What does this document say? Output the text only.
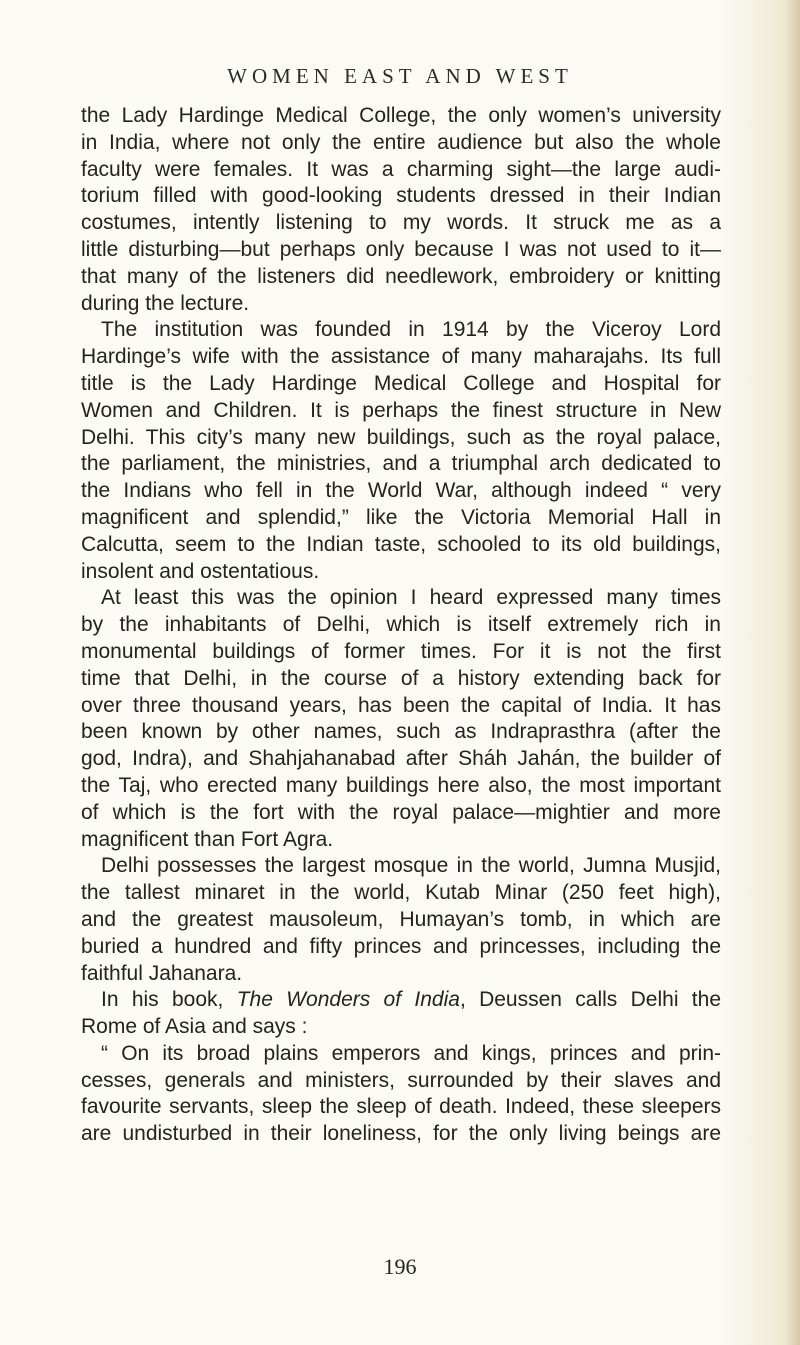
WOMEN EAST AND WEST
the Lady Hardinge Medical College, the only women’s university
in India, where not only the entire audience but also the whole
faculty were females. It was a charming sight—the large audi-
torium filled with good-looking students dressed in their Indian
costumes, intently listening to my words. It struck me as a
little disturbing—but perhaps only because I was not used to it—
that many of the listeners did needlework, embroidery or knitting
during the lecture.
The institution was founded in 1914 by the Viceroy Lord
Hardinge’s wife with the assistance of many maharajahs. Its full
title is the Lady Hardinge Medical College and Hospital for
Women and Children. It is perhaps the finest structure in New
Delhi. This city’s many new buildings, such as the royal palace,
the parliament, the ministries, and a triumphal arch dedicated to
the Indians who fell in the World War, although indeed “ very
magnificent and splendid,” like the Victoria Memorial Hall in
Calcutta, seem to the Indian taste, schooled to its old buildings,
insolent and ostentatious.
At least this was the opinion I heard expressed many times
by the inhabitants of Delhi, which is itself extremely rich in
monumental buildings of former times. For it is not the first
time that Delhi, in the course of a history extending back for
over three thousand years, has been the capital of India. It has
been known by other names, such as Indraprasthra (after the
god, Indra), and Shahjahanabad after Sháh Jahán, the builder of
the Taj, who erected many buildings here also, the most important
of which is the fort with the royal palace—mightier and more
magnificent than Fort Agra.
Delhi possesses the largest mosque in the world, Jumna Musjid,
the tallest minaret in the world, Kutab Minar (250 feet high),
and the greatest mausoleum, Humayan’s tomb, in which are
buried a hundred and fifty princes and princesses, including the
faithful Jahanara.
In his book, The Wonders of India, Deussen calls Delhi the
Rome of Asia and says :
“ On its broad plains emperors and kings, princes and prin-
cesses, generals and ministers, surrounded by their slaves and
favourite servants, sleep the sleep of death. Indeed, these sleepers
are undisturbed in their loneliness, for the only living beings are
196
